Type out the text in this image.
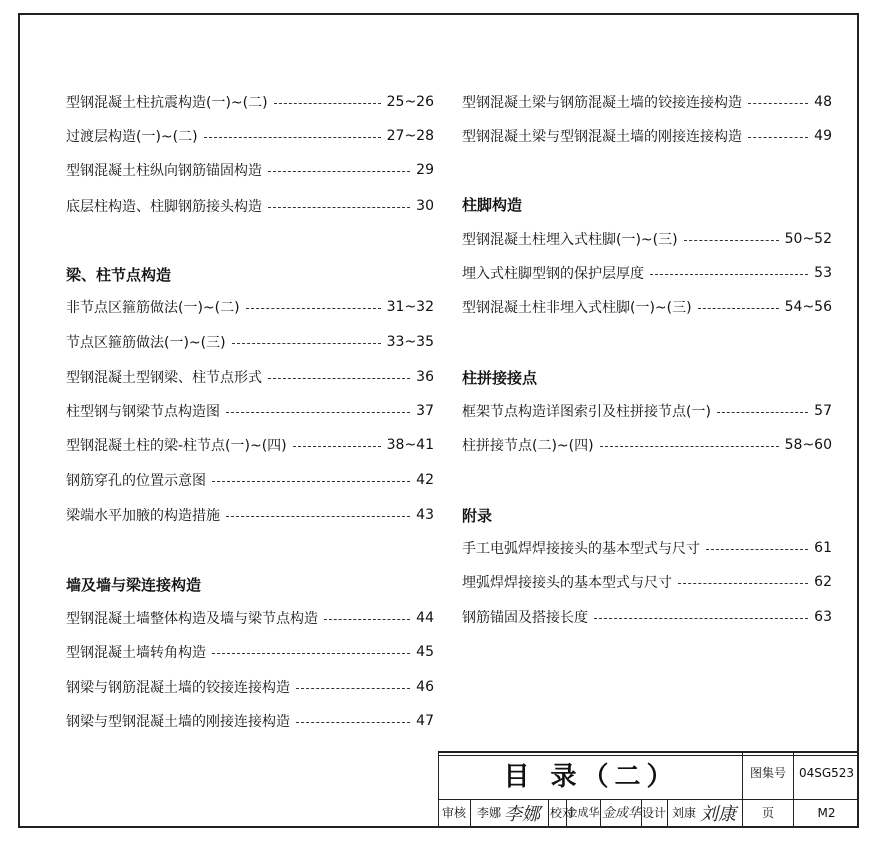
型钢混凝土柱抗震构造(一)~(二)	25~26
过渡层构造(一)~(二)	27~28
型钢混凝土柱纵向钢筋锚固构造	29
底层柱构造、柱脚钢筋接头构造	30
梁、柱节点构造
非节点区箍筋做法(一)~(二)	31~32
节点区箍筋做法(一)~(三)	33~35
型钢混凝土型钢梁、柱节点形式	36
柱型钢与钢梁节点构造图	37
型钢混凝土柱的梁-柱节点(一)~(四)	38~41
钢筋穿孔的位置示意图	42
梁端水平加腋的构造措施	43
墙及墙与梁连接构造
型钢混凝土墙整体构造及墙与梁节点构造	44
型钢混凝土墙转角构造	45
钢梁与钢筋混凝土墙的铰接连接构造	46
钢梁与型钢混凝土墙的刚接连接构造	47
型钢混凝土梁与钢筋混凝土墙的铰接连接构造	48
型钢混凝土梁与型钢混凝土墙的刚接连接构造	49
柱脚构造
型钢混凝土柱埋入式柱脚(一)~(三)	50~52
埋入式柱脚型钢的保护层厚度	53
型钢混凝土柱非埋入式柱脚(一)~(三)	54~56
柱拼接接点
框架节点构造详图索引及柱拼接节点(一)	57
柱拼接节点(二)~(四)	58~60
附录
手工电弧焊焊接接头的基本型式与尺寸	61
埋弧焊焊接接头的基本型式与尺寸	62
钢筋锚固及搭接长度	63
目 录（二）	图集号	04SG523
审核 李娜 李娜 校对
金成华 金成华 设计 刘康 刘康	页	M2
